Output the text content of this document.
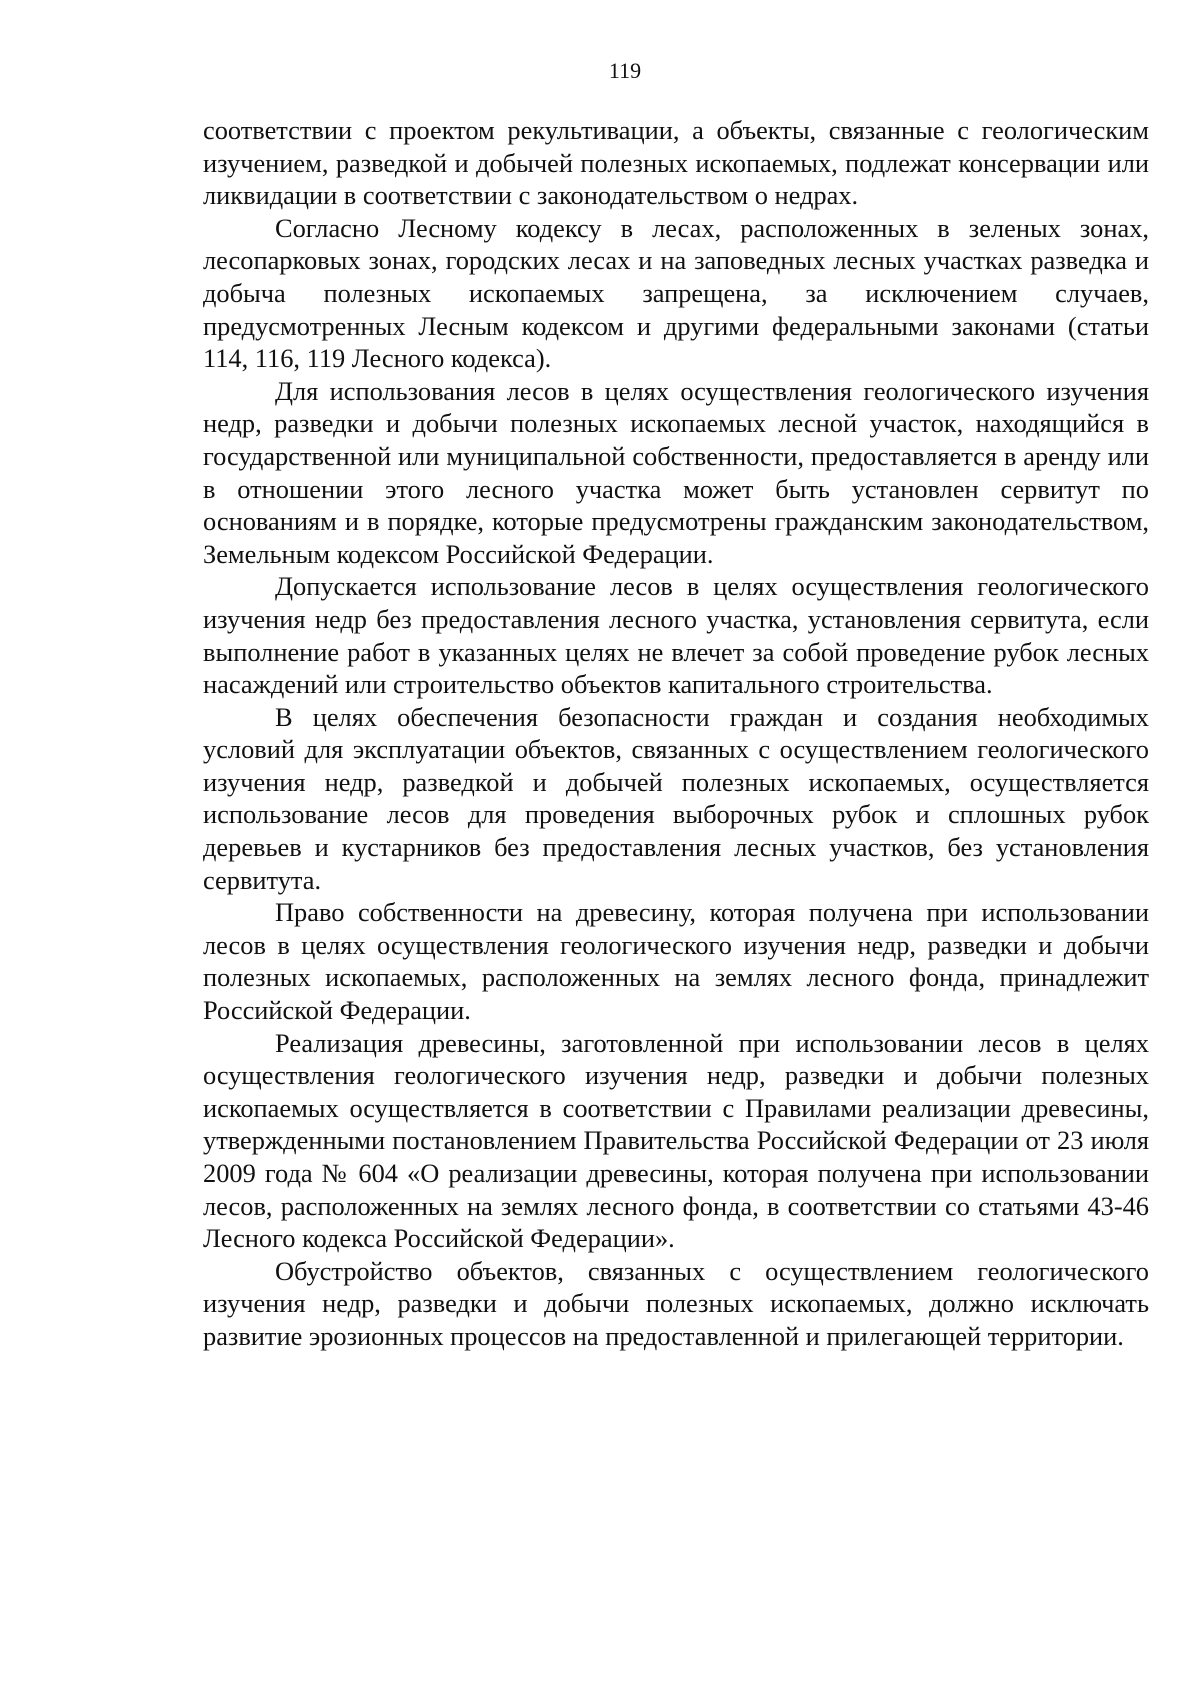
119

соответствии с проектом рекультивации, а объекты, связанные с геологическим изучением, разведкой и добычей полезных ископаемых, подлежат консервации или ликвидации в соответствии с законодательством о недрах.

Согласно Лесному кодексу в лесах, расположенных в зеленых зонах, лесопарковых зонах, городских лесах и на заповедных лесных участках разведка и добыча полезных ископаемых запрещена, за исключением случаев, предусмотренных Лесным кодексом и другими федеральными законами (статьи 114, 116, 119 Лесного кодекса).

Для использования лесов в целях осуществления геологического изучения недр, разведки и добычи полезных ископаемых лесной участок, находящийся в государственной или муниципальной собственности, предоставляется в аренду или в отношении этого лесного участка может быть установлен сервитут по основаниям и в порядке, которые предусмотрены гражданским законодательством, Земельным кодексом Российской Федерации.

Допускается использование лесов в целях осуществления геологического изучения недр без предоставления лесного участка, установления сервитута, если выполнение работ в указанных целях не влечет за собой проведение рубок лесных насаждений или строительство объектов капитального строительства.

В целях обеспечения безопасности граждан и создания необходимых условий для эксплуатации объектов, связанных с осуществлением геологического изучения недр, разведкой и добычей полезных ископаемых, осуществляется использование лесов для проведения выборочных рубок и сплошных рубок деревьев и кустарников без предоставления лесных участков, без установления сервитута.

Право собственности на древесину, которая получена при использовании лесов в целях осуществления геологического изучения недр, разведки и добычи полезных ископаемых, расположенных на землях лесного фонда, принадлежит Российской Федерации.

Реализация древесины, заготовленной при использовании лесов в целях осуществления геологического изучения недр, разведки и добычи полезных ископаемых осуществляется в соответствии с Правилами реализации древесины, утвержденными постановлением Правительства Российской Федерации от 23 июля 2009 года № 604 «О реализации древесины, которая получена при использовании лесов, расположенных на землях лесного фонда, в соответствии со статьями 43-46 Лесного кодекса Российской Федерации».

Обустройство объектов, связанных с осуществлением геологического изучения недр, разведки и добычи полезных ископаемых, должно исключать развитие эрозионных процессов на предоставленной и прилегающей территории.
